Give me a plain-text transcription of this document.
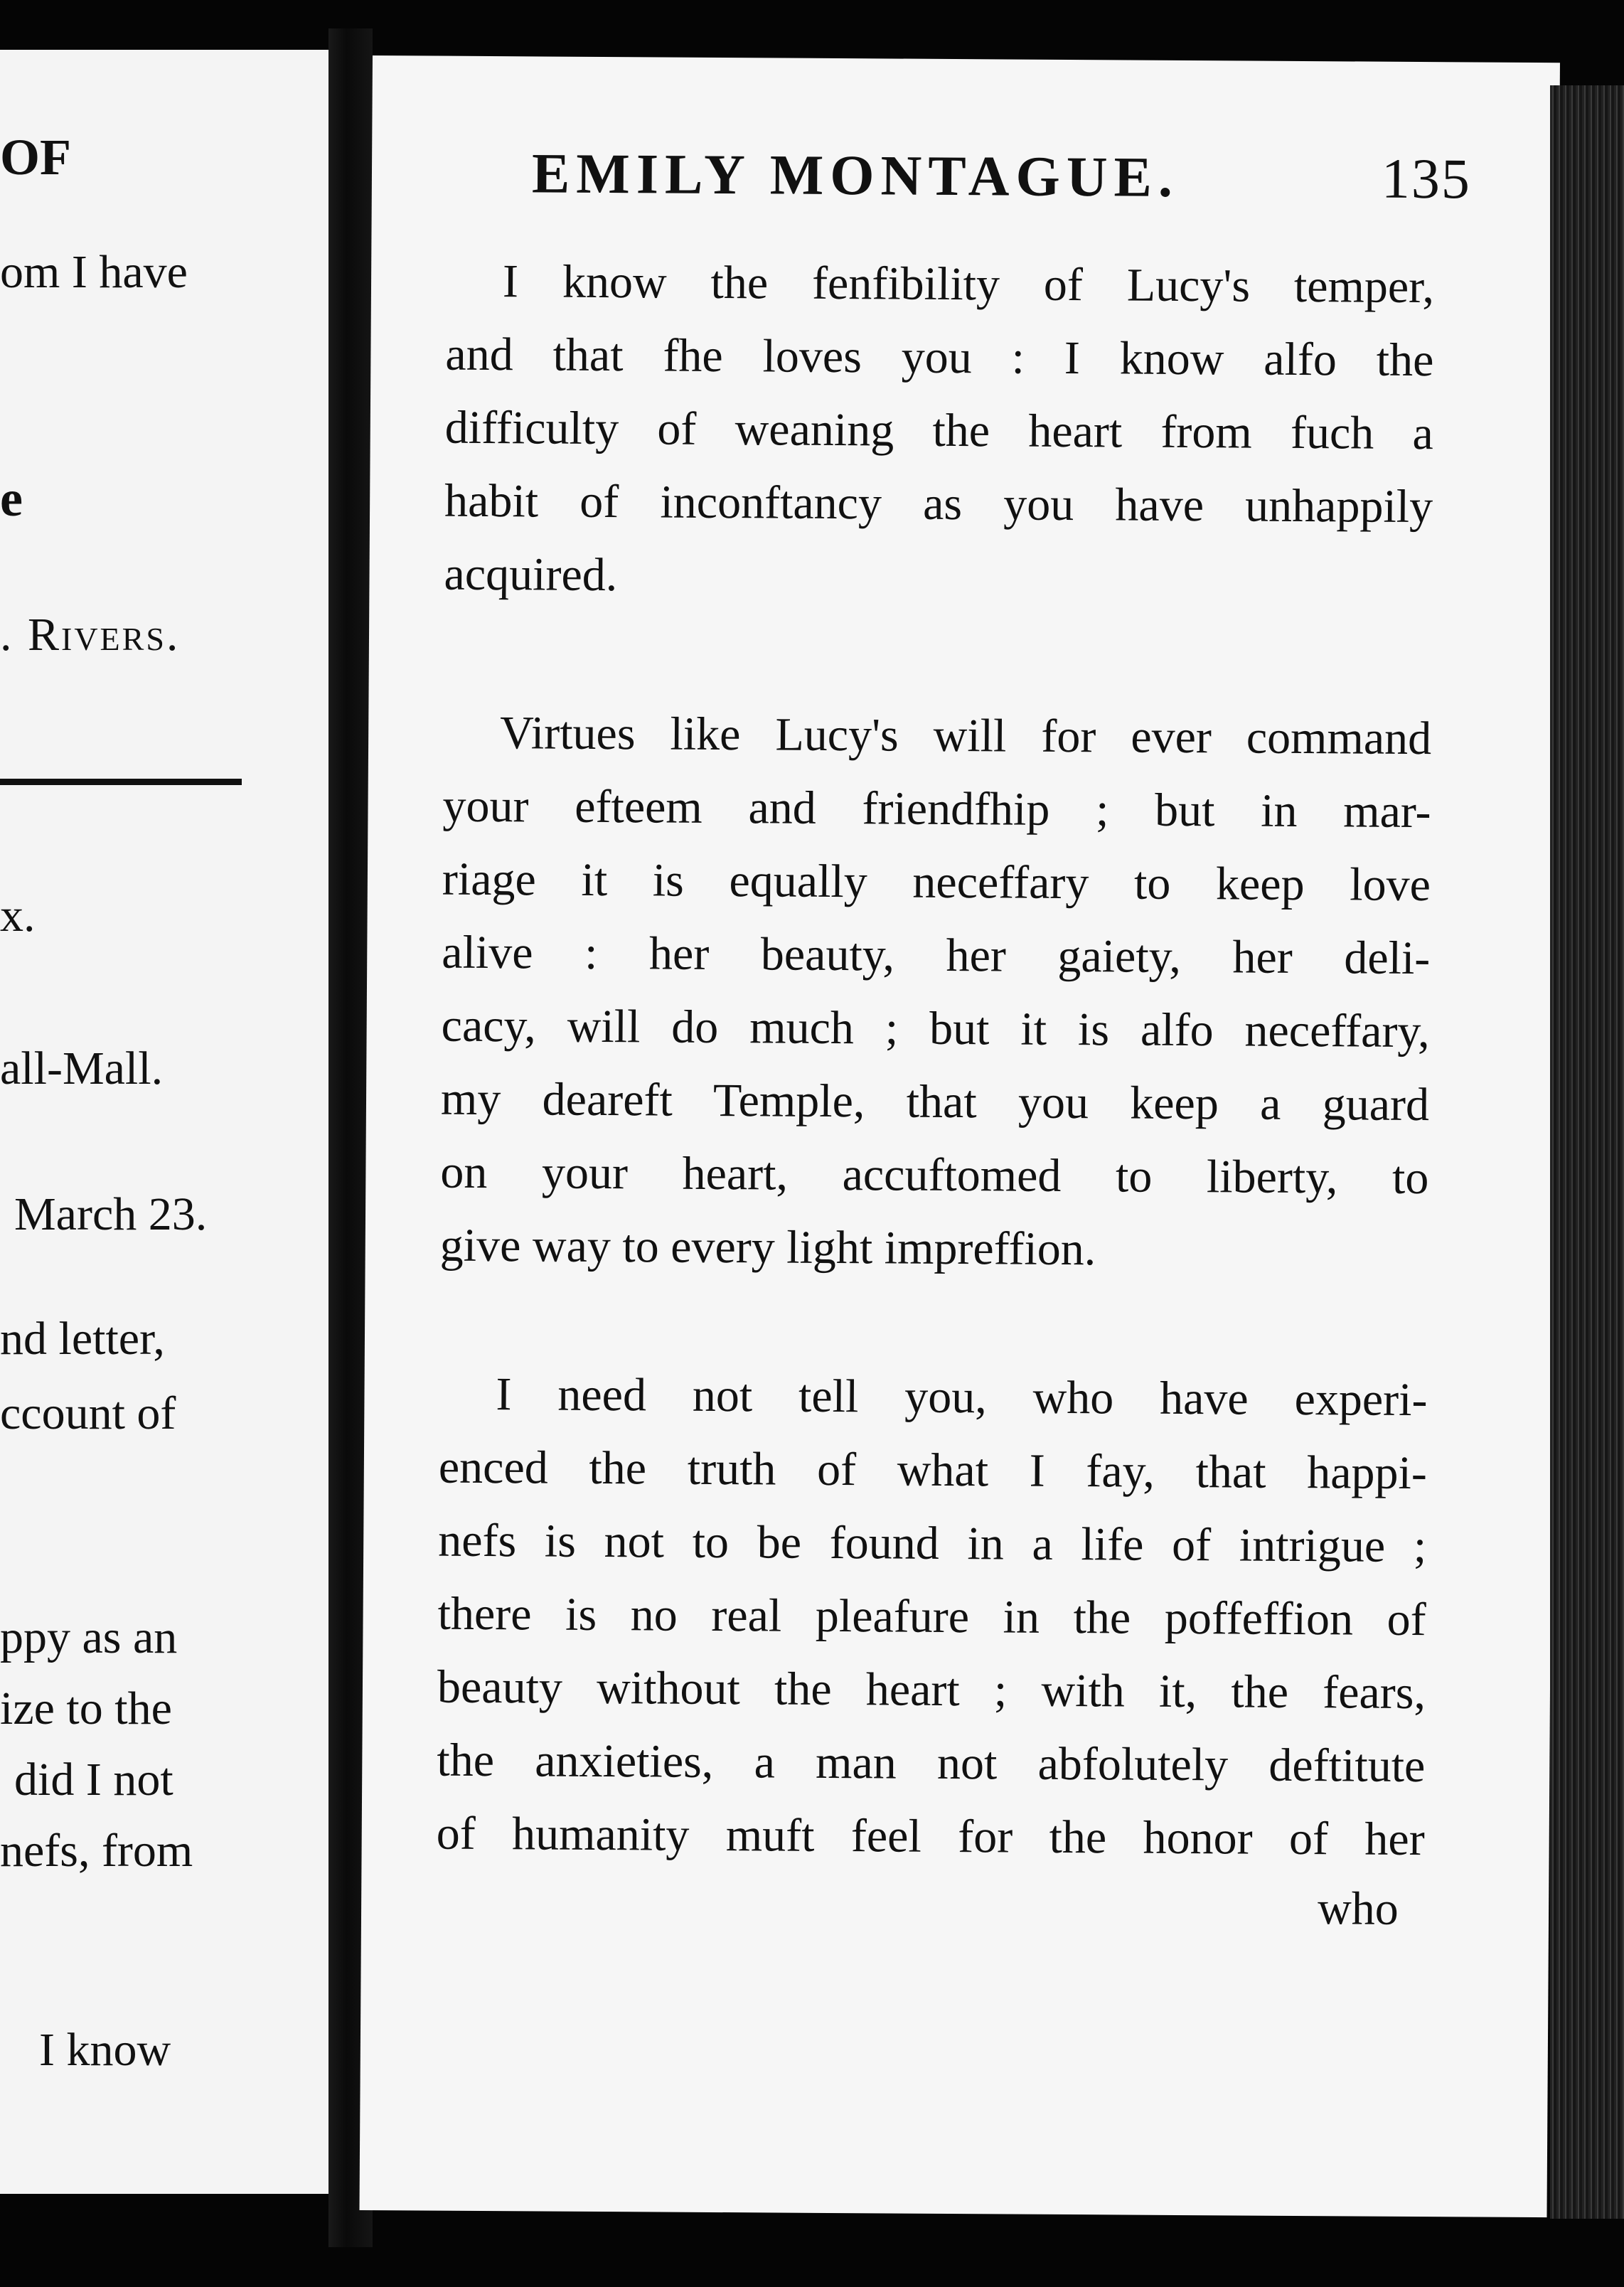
OF
om I have
e
. Rivers.
x.
all-Mall.
March 23.
nd letter,
ccount of
ppy as an
ize to the
did I not
nefs, from
I know
EMILY MONTAGUE.	135
I know the fenfibility of Lucy's temper,
and that fhe loves you : I know alfo the
difficulty of weaning the heart from fuch a
habit of inconftancy as you have unhappily
acquired.
Virtues like Lucy's will for ever command
your efteem and friendfhip ; but in mar-
riage it is equally neceffary to keep love
alive : her beauty, her gaiety, her deli-
cacy, will do much ; but it is alfo neceffary,
my deareft Temple, that you keep a guard
on your heart, accuftomed to liberty, to
give way to every light impreffion.
I need not tell you, who have experi-
enced the truth of what I fay, that happi-
nefs is not to be found in a life of intrigue ;
there is no real pleafure in the poffeffion of
beauty without the heart ; with it, the fears,
the anxieties, a man not abfolutely deftitute
of humanity muft feel for the honor of her
who
